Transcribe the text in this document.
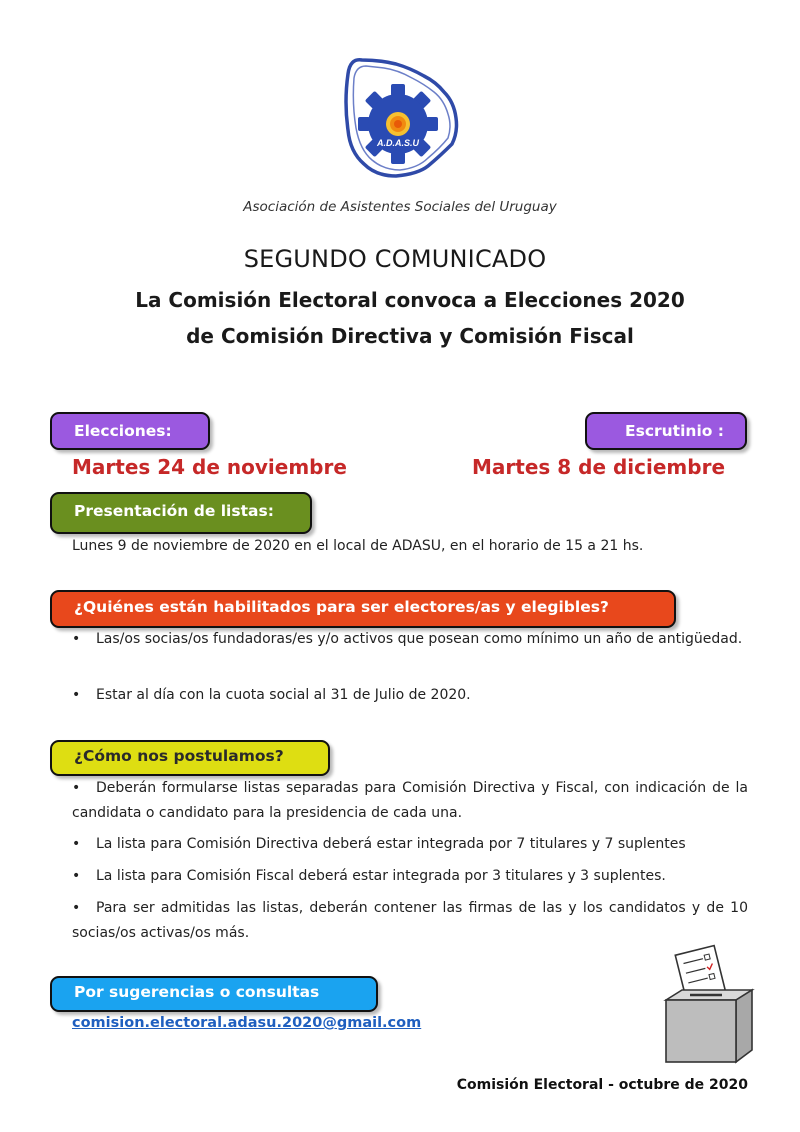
A.D.A.S.U
Asociación de Asistentes Sociales del Uruguay
SEGUNDO COMUNICADO
La Comisión Electoral convoca a Elecciones 2020
de Comisión Directiva y Comisión Fiscal
Elecciones:	Escrutinio :
Martes 24 de noviembre	Martes 8 de diciembre
Presentación de listas:
Lunes 9 de noviembre de 2020 en el local de ADASU, en el horario de 15 a 21 hs.
¿Quiénes están habilitados para ser electores/as y elegibles?
• Las/os socias/os fundadoras/es y/o activos que posean como mínimo un año de antigüedad.
• Estar al día con la cuota social al 31 de Julio de 2020.
¿Cómo nos postulamos?
• Deberán formularse listas separadas para Comisión Directiva y Fiscal, con indicación de la candidata o candidato para la presidencia de cada una.
• La lista para Comisión Directiva deberá estar integrada por 7 titulares y 7 suplentes
• La lista para Comisión Fiscal deberá estar integrada por 3 titulares y 3 suplentes.
• Para ser admitidas las listas, deberán contener las firmas de las y los candidatos y de 10 socias/os activas/os más.
Por sugerencias o consultas
comision.electoral.adasu.2020@gmail.com
Comisión Electoral - octubre de 2020
